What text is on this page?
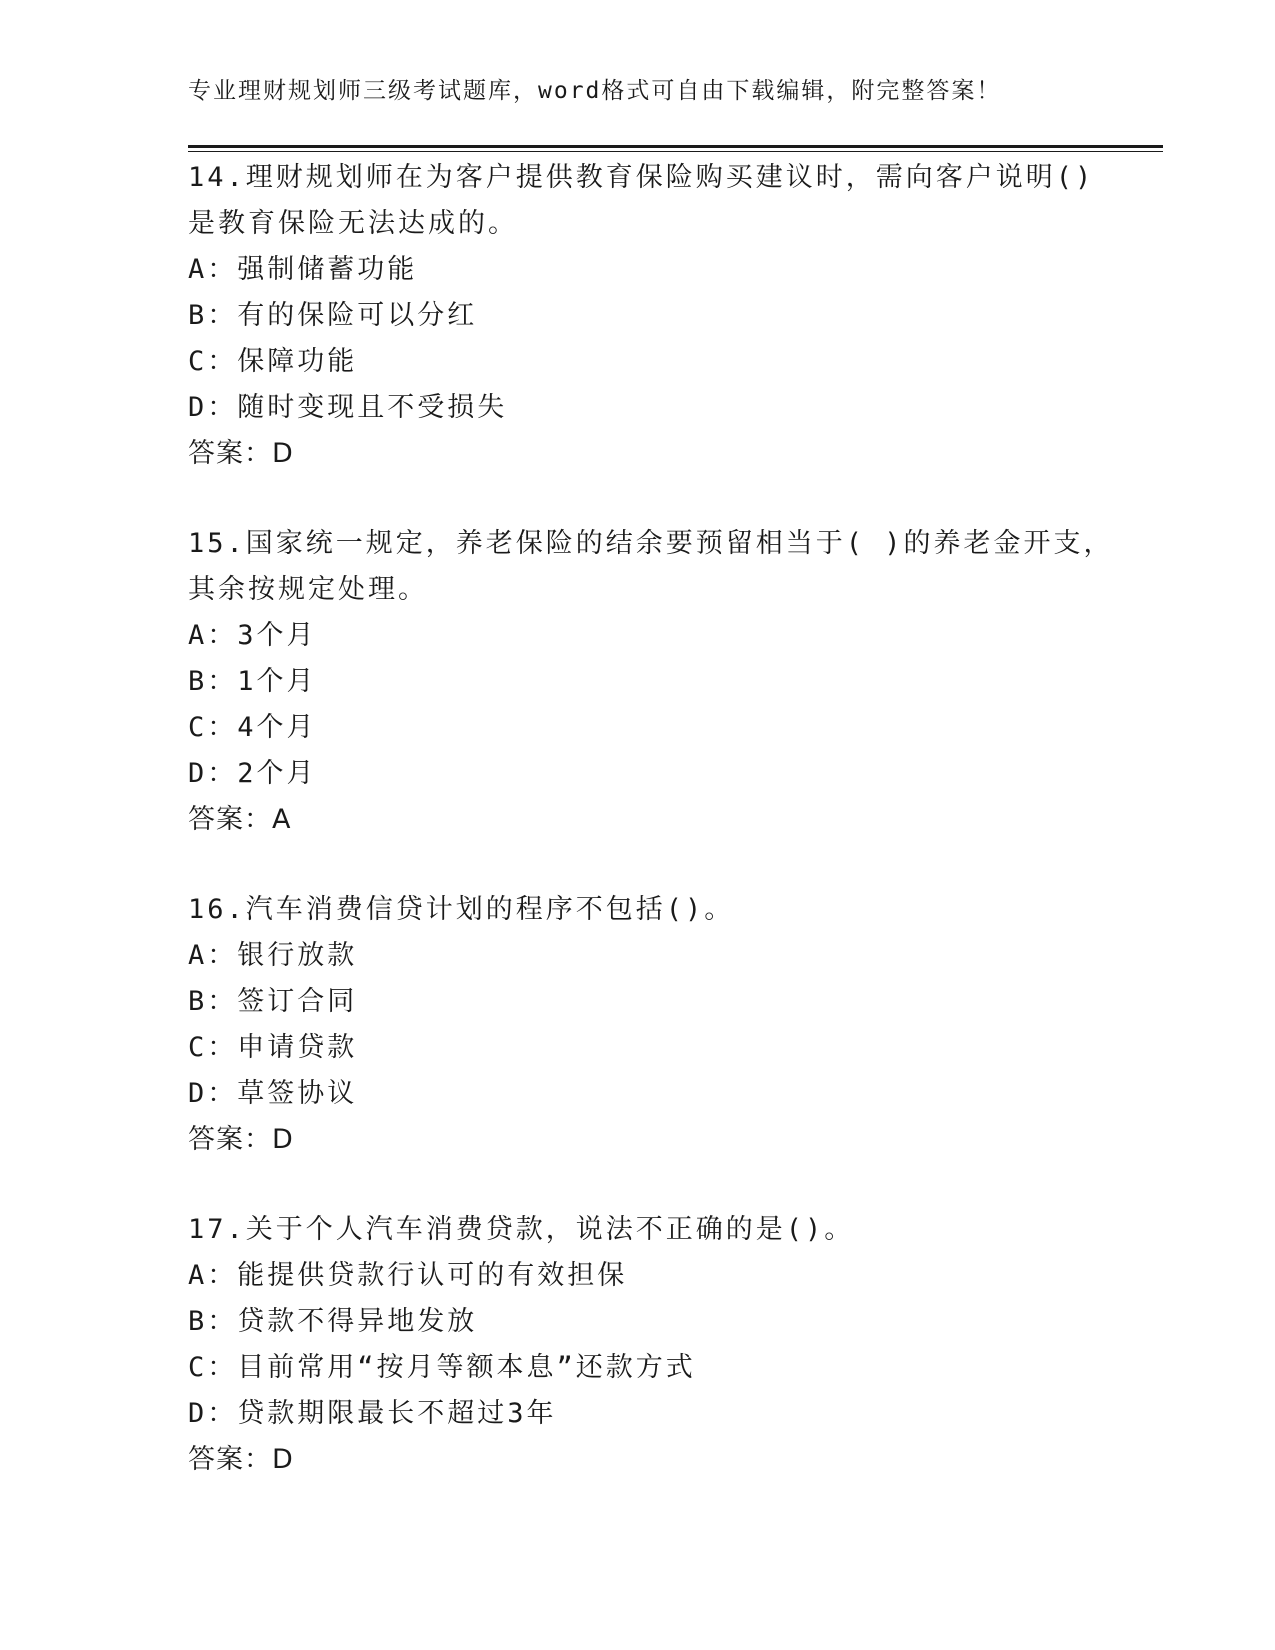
专业理财规划师三级考试题库，word格式可自由下载编辑，附完整答案！
14.理财规划师在为客户提供教育保险购买建议时，需向客户说明()是教育保险无法达成的。
A：强制储蓄功能
B：有的保险可以分红
C：保障功能
D：随时变现且不受损失
答案：D
15.国家统一规定，养老保险的结余要预留相当于( )的养老金开支，其余按规定处理。
A：3个月
B：1个月
C：4个月
D：2个月
答案：A
16.汽车消费信贷计划的程序不包括()。
A：银行放款
B：签订合同
C：申请贷款
D：草签协议
答案：D
17.关于个人汽车消费贷款，说法不正确的是()。
A：能提供贷款行认可的有效担保
B：贷款不得异地发放
C：目前常用“按月等额本息”还款方式
D：贷款期限最长不超过3年
答案：D
